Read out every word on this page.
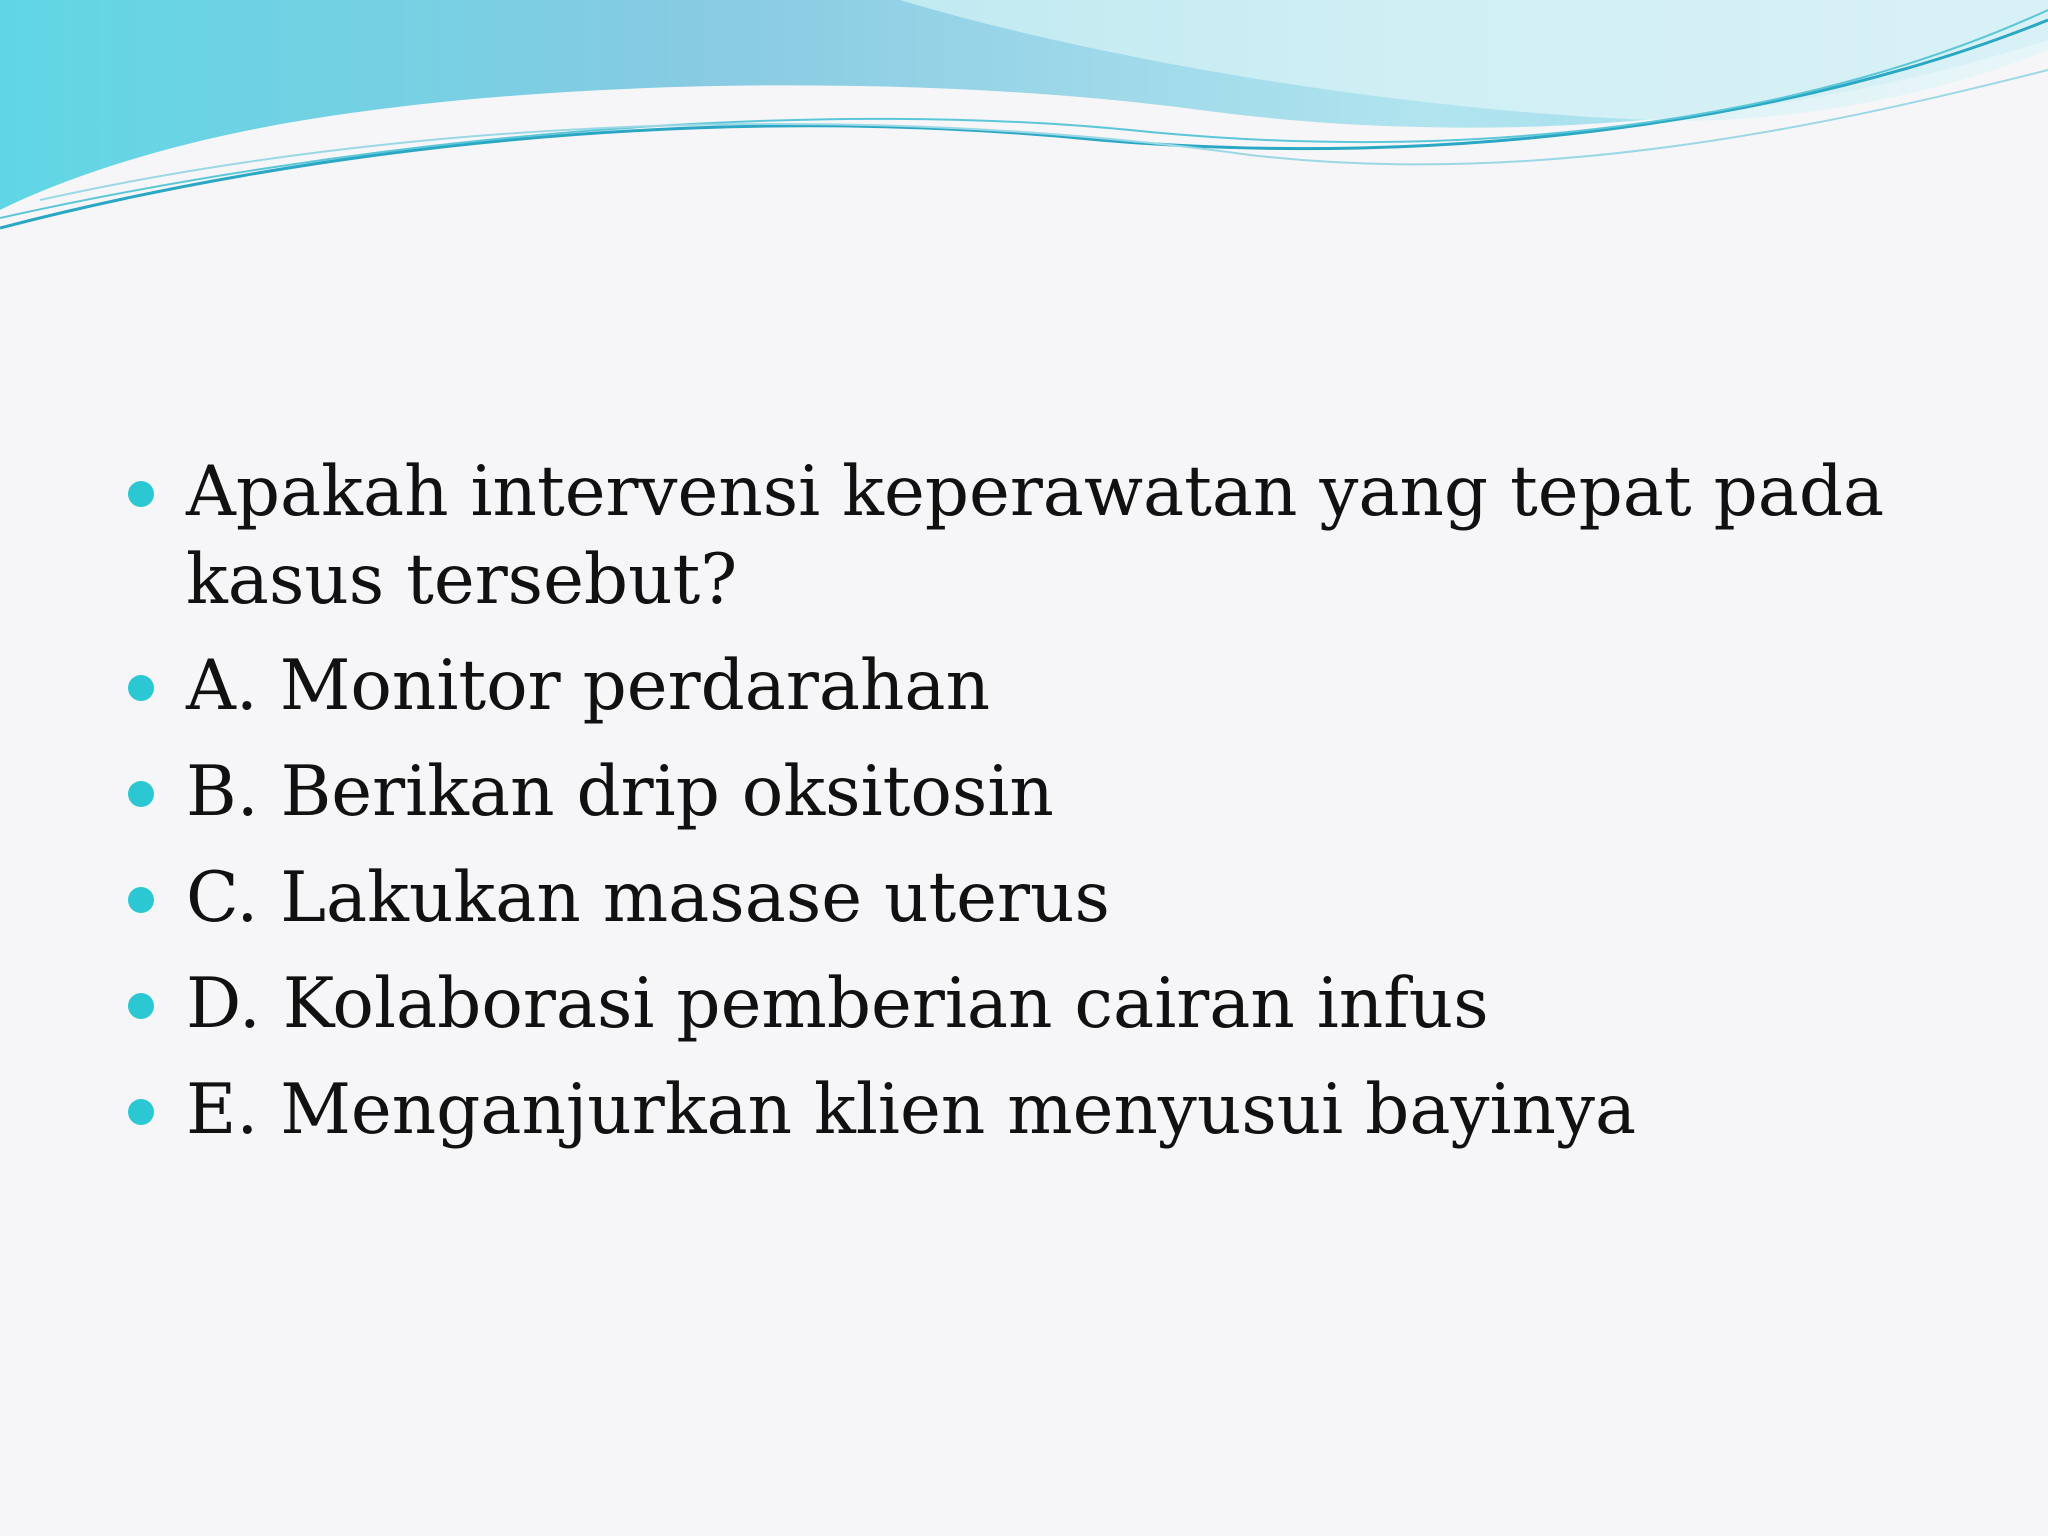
Apakah intervensi keperawatan yang tepat pada kasus tersebut?
A. Monitor perdarahan
B. Berikan drip oksitosin
C. Lakukan masase uterus
D. Kolaborasi pemberian cairan infus
E. Menganjurkan klien menyusui bayinya
